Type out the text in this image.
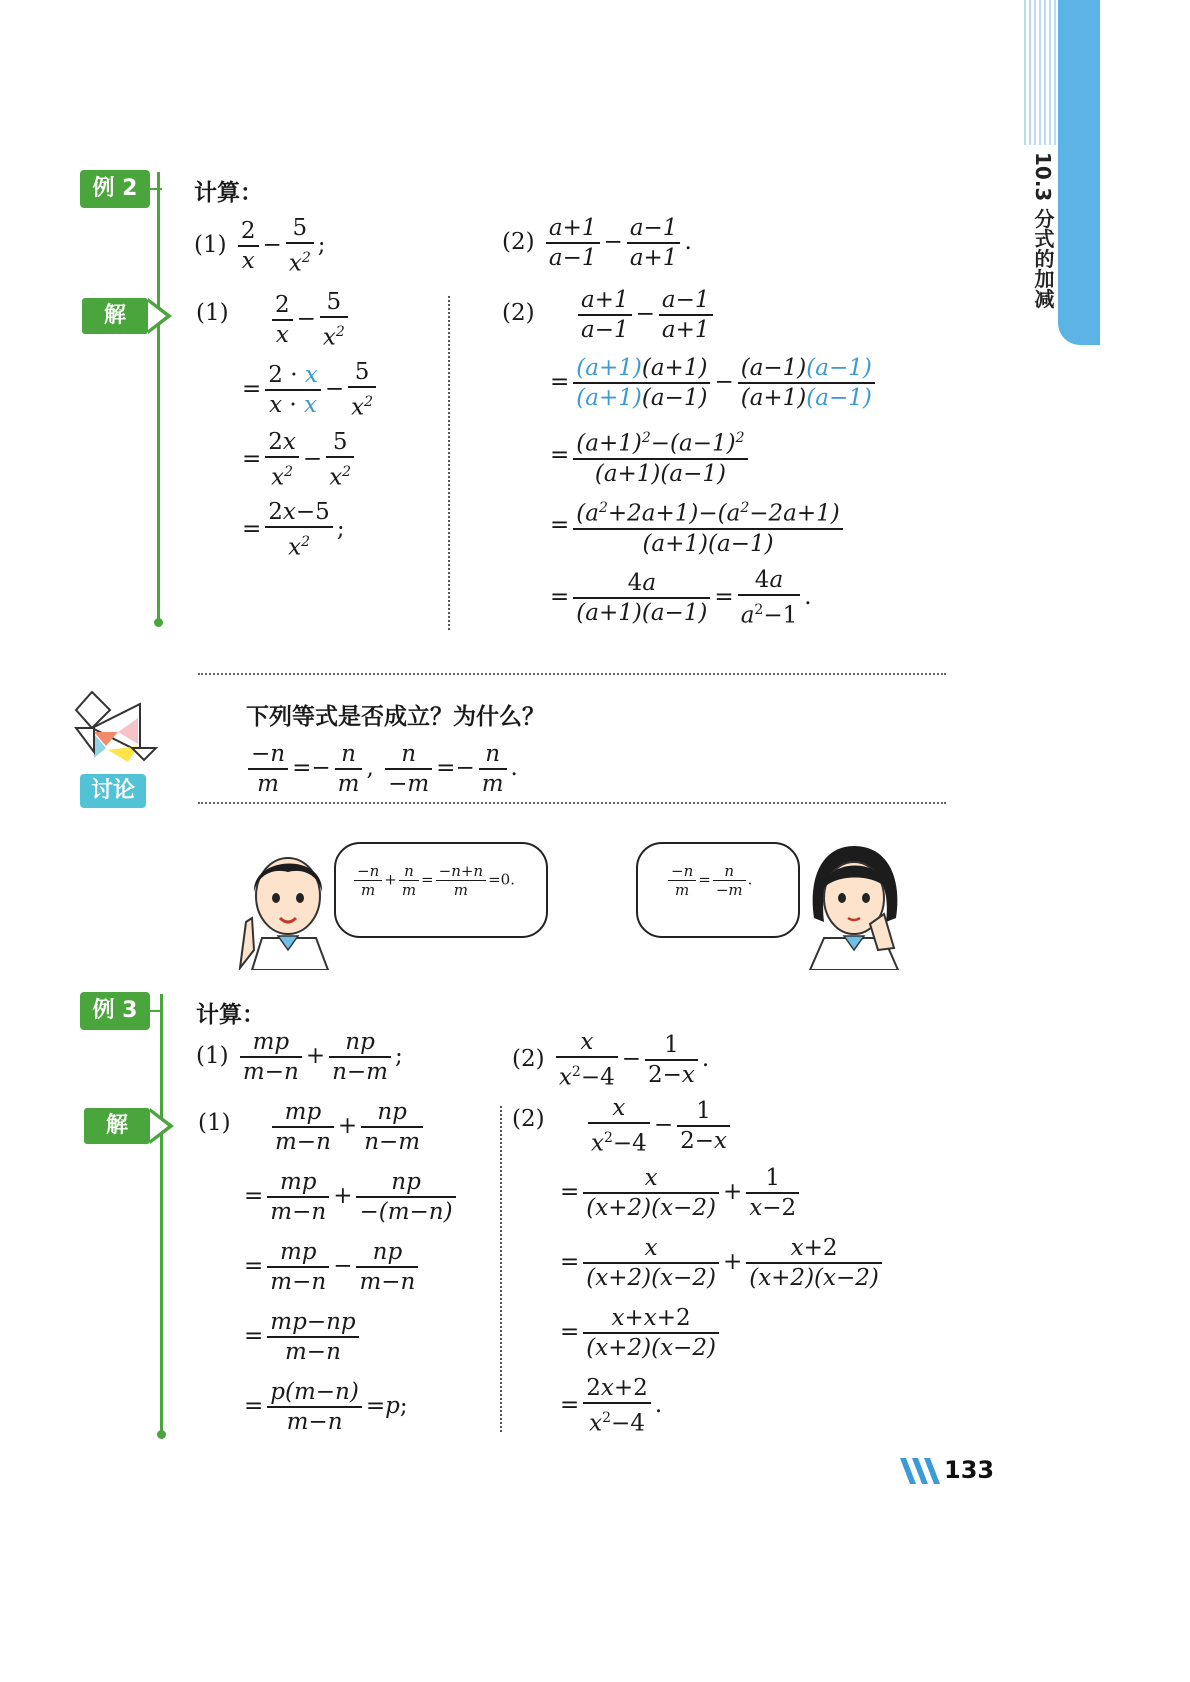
10.3 分式的加减
例 2	计算：
$(1) \frac{2}{x} - \frac{5}{x^2}$ ;	$(2) \frac{a+1}{a-1} - \frac{a-1}{a+1}$ .
解	$(1) \frac{2}{x} - \frac{5}{x^2}$
= $\frac{2 \cdot x}{x \cdot x} - \frac{5}{x^2}$
= $\frac{2x}{x^2} - \frac{5}{x^2}$
= $\frac{2x-5}{x^2}$ ;
$(2) \frac{a+1}{a-1} - \frac{a-1}{a+1}$
= $\frac{(a+1)(a+1)}{(a+1)(a-1)} - \frac{(a-1)(a-1)}{(a+1)(a-1)}$
= $\frac{(a+1)^2-(a-1)^2}{(a+1)(a-1)}$
= $\frac{(a^2+2a+1)-(a^2-2a+1)}{(a+1)(a-1)}$
= $\frac{4a}{(a+1)(a-1)} = \frac{4a}{a^2-1}$ .
讨论
下列等式是否成立？为什么？
$\frac{-n}{m} =- \frac{n}{m}$ , $\frac{n}{-m} =- \frac{n}{m}$ .
$\frac{-n}{m} + \frac{n}{m} = \frac{-n+n}{m} =0$.	$\frac{-n}{m} = \frac{n}{-m}$ .
例 3	计算：
$(1) \frac{mp}{m-n} + \frac{np}{n-m}$ ;	$(2) \frac{x}{x^2-4} - \frac{1}{2-x}$ .
解	$(1) \frac{mp}{m-n} + \frac{np}{n-m}$
= $\frac{mp}{m-n} + \frac{np}{-(m-n)}$
= $\frac{mp}{m-n} - \frac{np}{m-n}$
= $\frac{mp-np}{m-n}$
= $\frac{p(m-n)}{m-n} =p$;
$(2) \frac{x}{x^2-4} - \frac{1}{2-x}$
= $\frac{x}{(x+2)(x-2)} + \frac{1}{x-2}$
= $\frac{x}{(x+2)(x-2)} + \frac{x+2}{(x+2)(x-2)}$
= $\frac{x+x+2}{(x+2)(x-2)}$
= $\frac{2x+2}{x^2-4}$ .
133
